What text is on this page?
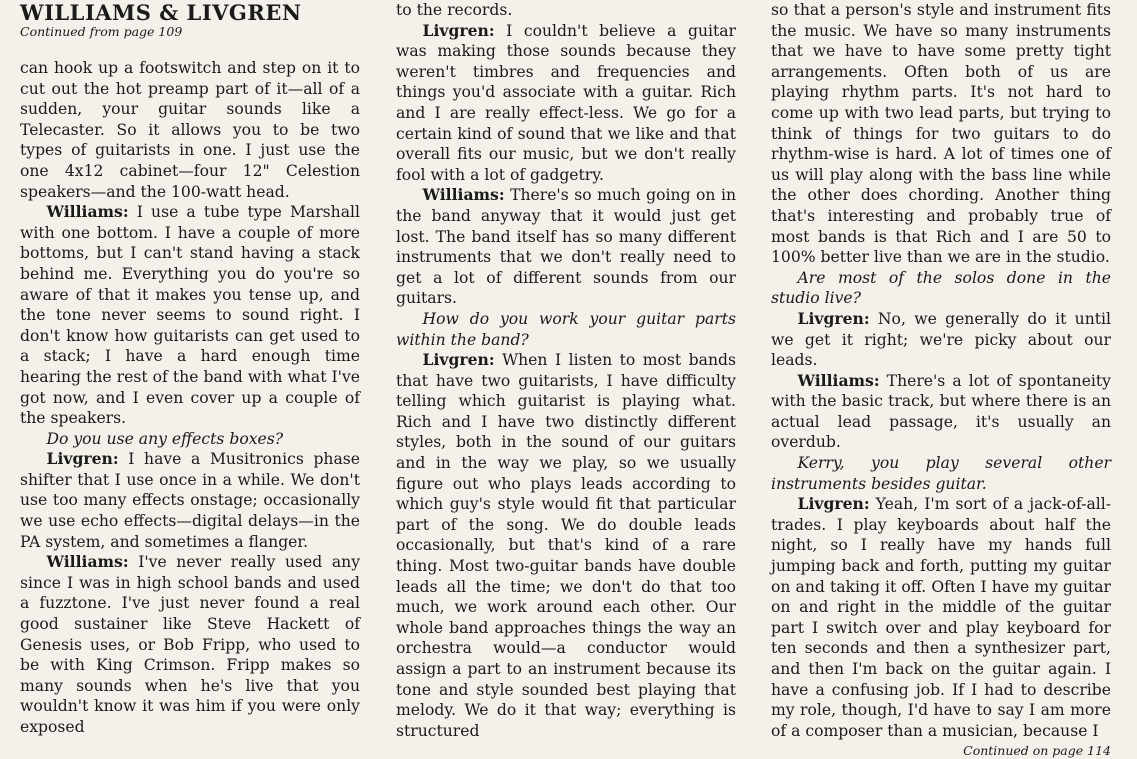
WILLIAMS & LIVGREN
Continued from page 109

can hook up a footswitch and step on it to cut out the hot preamp part of it—all of a sudden, your guitar sounds like a Telecaster. So it allows you to be two types of guitarists in one. I just use the one 4x12 cabinet—four 12" Celestion speakers—and the 100-watt head.

Williams: I use a tube type Marshall with one bottom. I have a couple of more bottoms, but I can't stand having a stack behind me. Everything you do you're so aware of that it makes you tense up, and the tone never seems to sound right. I don't know how guitarists can get used to a stack; I have a hard enough time hearing the rest of the band with what I've got now, and I even cover up a couple of the speakers.

Do you use any effects boxes?

Livgren: I have a Musitronics phase shifter that I use once in a while. We don't use too many effects onstage; occasionally we use echo effects—digital delays—in the PA system, and sometimes a flanger.

Williams: I've never really used any since I was in high school bands and used a fuzztone. I've just never found a real good sustainer like Steve Hackett of Genesis uses, or Bob Fripp, who used to be with King Crimson. Fripp makes so many sounds when he's live that you wouldn't know it was him if you were only exposed

to the records.

Livgren: I couldn't believe a guitar was making those sounds because they weren't timbres and frequencies and things you'd associate with a guitar. Rich and I are really effect-less. We go for a certain kind of sound that we like and that overall fits our music, but we don't really fool with a lot of gadgetry.

Williams: There's so much going on in the band anyway that it would just get lost. The band itself has so many different instruments that we don't really need to get a lot of different sounds from our guitars.

How do you work your guitar parts within the band?

Livgren: When I listen to most bands that have two guitarists, I have difficulty telling which guitarist is playing what. Rich and I have two distinctly different styles, both in the sound of our guitars and in the way we play, so we usually figure out who plays leads according to which guy's style would fit that particular part of the song. We do double leads occasionally, but that's kind of a rare thing. Most two-guitar bands have double leads all the time; we don't do that too much, we work around each other. Our whole band approaches things the way an orchestra would—a conductor would assign a part to an instrument because its tone and style sounded best playing that melody. We do it that way; everything is structured

so that a person's style and instrument fits the music. We have so many instruments that we have to have some pretty tight arrangements. Often both of us are playing rhythm parts. It's not hard to come up with two lead parts, but trying to think of things for two guitars to do rhythm-wise is hard. A lot of times one of us will play along with the bass line while the other does chording. Another thing that's interesting and probably true of most bands is that Rich and I are 50 to 100% better live than we are in the studio.

Are most of the solos done in the studio live?

Livgren: No, we generally do it until we get it right; we're picky about our leads.

Williams: There's a lot of spontaneity with the basic track, but where there is an actual lead passage, it's usually an overdub.

Kerry, you play several other instruments besides guitar.

Livgren: Yeah, I'm sort of a jack-of-all-trades. I play keyboards about half the night, so I really have my hands full jumping back and forth, putting my guitar on and taking it off. Often I have my guitar on and right in the middle of the guitar part I switch over and play keyboard for ten seconds and then a synthesizer part, and then I'm back on the guitar again. I have a confusing job. If I had to describe my role, though, I'd have to say I am more of a composer than a musician, because I

Continued on page 114
